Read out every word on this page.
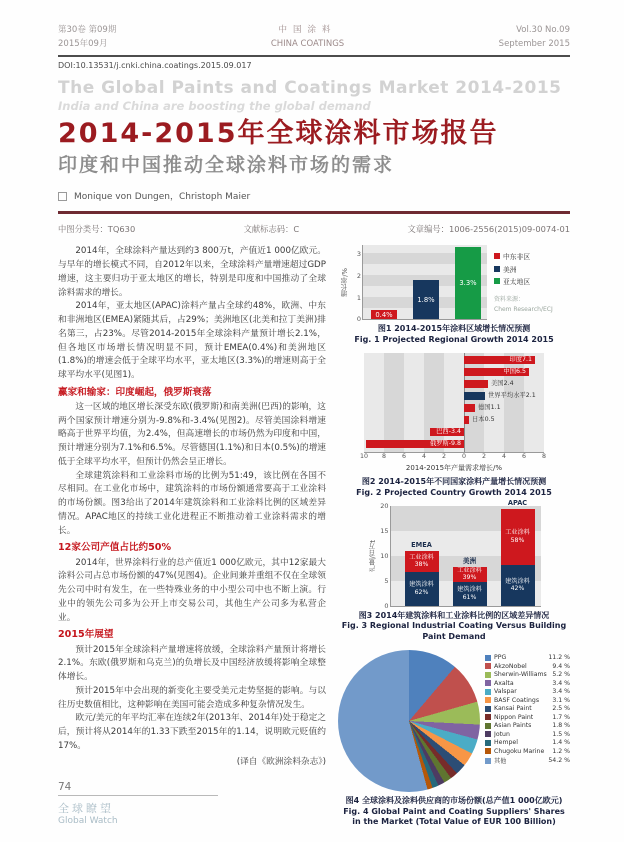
第30卷 第09期
2015年09月
中国涂料
CHINA COATINGS
Vol.30 No.09
September 2015
DOI:10.13531/j.cnki.china.coatings.2015.09.017
The Global Paints and Coatings Market 2014-2015
India and China are boosting the global demand
2014-2015年全球涂料市场报告
印度和中国推动全球涂料市场的需求
Monique von Dungen，Christoph Maier
中图分类号：TQ630	文献标志码：C	文章编号：1006-2556(2015)09-0074-01

2014年，全球涂料产量达到约3 800万t，产值近1 000亿欧元。与早年的增长模式不同，自2012年以来，全球涂料产量增速超过GDP增速，这主要归功于亚太地区的增长，特别是印度和中国推动了全球涂料需求的增长。

2014年，亚太地区(APAC)涂料产量占全球约48%，欧洲、中东和非洲地区(EMEA)紧随其后，占29%；美洲地区(北美和拉丁美洲)排名第三，占23%。尽管2014-2015年全球涂料产量预计增长2.1%，但各地区市场增长情况明显不同，预计EMEA(0.4%)和美洲地区(1.8%)的增速会低于全球平均水平，亚太地区(3.3%)的增速则高于全球平均水平(见图1)。

赢家和输家：印度崛起，俄罗斯衰落

这一区域的地区增长深受东欧(俄罗斯)和南美洲(巴西)的影响，这两个国家预计增速分别为-9.8%和-3.4%(见图2)。尽管美国涂料增速略高于世界平均值，为2.4%，但高速增长的市场仍然为印度和中国，预计增速分别为7.1%和6.5%。尽管德国(1.1%)和日本(0.5%)的增速低于全球平均水平，但预计仍然会呈正增长。

全球建筑涂料和工业涂料市场的比例为51:49，该比例在各国不尽相同。在工业化市场中，建筑涂料的市场份额通常要高于工业涂料的市场份额。图3给出了2014年建筑涂料和工业涂料比例的区域差异情况。APAC地区的持续工业化进程正不断推动着工业涂料需求的增长。

12家公司产值占比约50%

2014年，世界涂料行业的总产值近1 000亿欧元，其中12家最大涂料公司占总市场份额的47%(见图4)。企业间兼并重组不仅在全球领先公司中时有发生，在一些特殊业务的中小型公司中也不断上演。行业中的领先公司多为公开上市交易公司，其他生产公司多为私营企业。

2015年展望

预计2015年全球涂料产量增速将放缓，全球涂料产量预计将增长2.1%。东欧(俄罗斯和乌克兰)的负增长及中国经济放缓将影响全球整体增长。

预计2015年中会出现的新变化主要受美元走势坚挺的影响。与以往历史数值相比，这种影响在美国可能会造成多种复杂情况发生。

欧元/美元的年平均汇率在连续2年(2013年、2014年)处于稳定之后，预计将从2014年的1.33下跌至2015年的1.14，说明欧元贬值约17%。

(译自《欧洲涂料杂志》)
增长率/%
0
1
2
3
0.4%
1.8%
3.3%
中东非区
美洲
亚太地区
资料来源：
Chem Research/ECJ
图1 2014-2015年涂料区域增长情况预测
Fig. 1 Projected Regional Growth 2014 2015
印度7.1
中国6.5
美国2.4
世界平均水平2.1
德国1.1
日本0.5
巴西-3.4
俄罗斯-9.8
10 8	6	4	2	0	2	4	6	8
2014-2015年产量需求增长/%
图2 2014-2015年不同国家涂料产量增长情况预测
Fig. 2 Projected Country Growth 2014 2015
产量/百万t
0
5
10
15
20
建筑涂料
62%
工业涂料
38%
EMEA
建筑涂料
61%
工业涂料
39%
美洲
建筑涂料
42%
工业涂料
58%
APAC
图3 2014年建筑涂料和工业涂料比例的区域差异情况
Fig. 3 Regional Industrial Coating Versus Building Paint Demand
PPG	11.2 %
AkzoNobel	9.4 %
Sherwin-Williams 5.2 %
Axalta	3.4 %
Valspar	3.4 %
BASF Coatings 3.1 %
Kansai Paint	2.5 %
Nippon Paint	1.7 %
Asian Paints	1.8 %
Jotun	1.5 %
Hempel	1.4 %
Chugoku Marine 1.2 %
其他	54.2 %
图4 全球涂料及涂料供应商的市场份额(总产值1 000亿欧元)
Fig. 4 Global Paint and Coating Suppliers' Shares in the Market (Total Value of EUR 100 Billion)
74
全球瞭望
Global Watch
